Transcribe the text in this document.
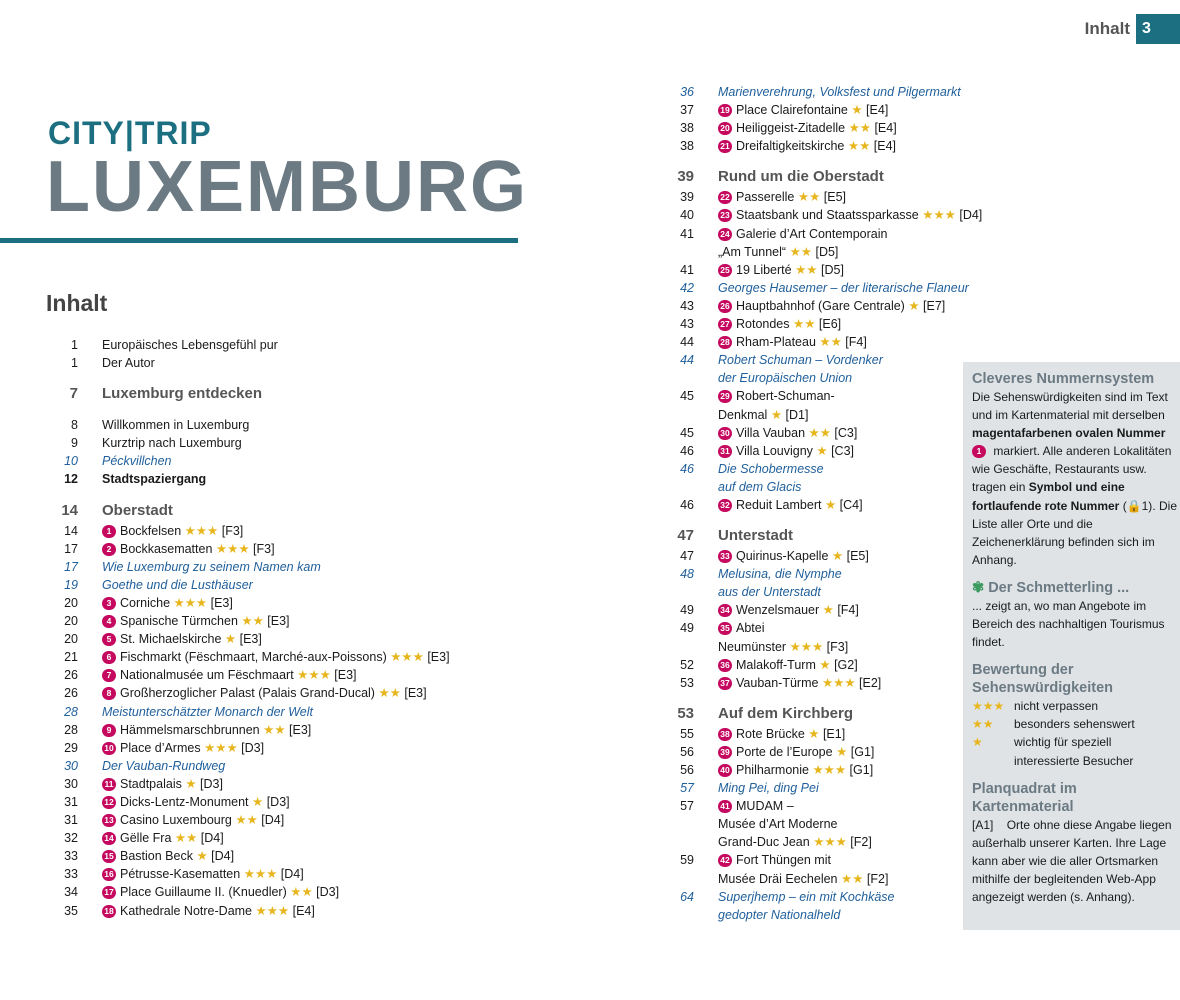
Inhalt 3
CITY|TRIP
LUXEMBURG
Inhalt
1 Europäisches Lebensgefühl pur
1 Der Autor
7 Luxemburg entdecken
8 Willkommen in Luxemburg
9 Kurztrip nach Luxemburg
10 Péckvillchen
12 Stadtspaziergang
14 Oberstadt
14	1 Bockfelsen ★★★ [F3]
17	2 Bockkasematten ★★★ [F3]
17 Wie Luxemburg zu seinem Namen kam
19 Goethe und die Lusthäuser
20	3 Corniche ★★★ [E3]
20	4 Spanische Türmchen ★★ [E3]
20	5 St. Michaelskirche ★ [E3]
21	6 Fischmarkt (Fëschmaart, Marché-aux-Poissons) ★★★ [E3]
26	7 Nationalmusée um Fëschmaart ★★★ [E3]
26	8 Großherzoglicher Palast (Palais Grand-Ducal) ★★ [E3]
28 Meistunterschätzter Monarch der Welt
28	9 Hämmelsmarschbrunnen ★★ [E3]
29	10 Place d’Armes ★★★ [D3]
30 Der Vauban-Rundweg
30	11 Stadtpalais ★ [D3]
31	12 Dicks-Lentz-Monument ★ [D3]
31	13 Casino Luxembourg ★★ [D4]
32	14 Gëlle Fra ★★ [D4]
33	15 Bastion Beck ★ [D4]
33	16 Pétrusse-Kasematten ★★★ [D4]
34	17 Place Guillaume II. (Knuedler) ★★ [D3]
35	18 Kathedrale Notre-Dame ★★★ [E4]
36 Marienverehrung, Volksfest und Pilgermarkt
37	19 Place Clairefontaine ★ [E4]
38	20 Heiliggeist-Zitadelle ★★ [E4]
38	21 Dreifaltigkeitskirche ★★ [E4]
39 Rund um die Oberstadt
39	22 Passerelle ★★ [E5]
40	23 Staatsbank und Staatssparkasse ★★★ [D4]
41	24 Galerie d’Art Contemporain
„Am Tunnel“ ★★ [D5]
41	25 19 Liberté ★★ [D5]
42 Georges Hausemer – der literarische Flaneur
43	26 Hauptbahnhof (Gare Centrale) ★ [E7]
43	27 Rotondes ★★ [E6]
44	28 Rham-Plateau ★★ [F4]
44 Robert Schuman – Vordenker
der Europäischen Union
45	29 Robert-Schuman-
Denkmal ★ [D1]
45	30 Villa Vauban ★★ [C3]
46	31 Villa Louvigny ★ [C3]
46 Die Schobermesse
auf dem Glacis
46	32 Reduit Lambert ★ [C4]
47 Unterstadt
47	33 Quirinus-Kapelle ★ [E5]
48 Melusina, die Nymphe
aus der Unterstadt
49	34 Wenzelsmauer ★ [F4]
49	35 Abtei
Neumünster ★★★ [F3]
52	36 Malakoff-Turm ★ [G2]
53	37 Vauban-Türme ★★★ [E2]
53 Auf dem Kirchberg
55	38 Rote Brücke ★ [E1]
56	39 Porte de l’Europe ★ [G1]
56	40 Philharmonie ★★★ [G1]
57 Ming Pei, ding Pei
57	41 MUDAM –
Musée d’Art Moderne
Grand-Duc Jean ★★★ [F2]
59	42 Fort Thüngen mit
Musée Dräi Eechelen ★★ [F2]
64 Superjhemp – ein mit Kochkäse
gedopter Nationalheld
Cleveres Nummernsystem

Die Sehenswürdigkeiten sind im Text und im Kartenmaterial mit derselben magentafarbenen ovalen Nummer 1 markiert. Alle anderen Lokalitäten wie Geschäfte, Restaurants usw. tragen ein Symbol und eine fortlaufende rote Nummer (🔒1). Die Liste aller Orte und die Zeichenerklärung befinden sich im Anhang.

✾ Der Schmetterling ...

... zeigt an, wo man Angebote im Bereich des nachhaltigen Tourismus findet.

Bewertung der Sehenswürdigkeiten
★★★ nicht verpassen
★★ besonders sehenswert
★	wichtig für speziell
interessierte Besucher
Planquadrat im Kartenmaterial

[A1] Orte ohne diese Angabe liegen außerhalb unserer Karten. Ihre Lage kann aber wie die aller Ortsmarken mithilfe der begleitenden Web-App angezeigt werden (s. Anhang).
